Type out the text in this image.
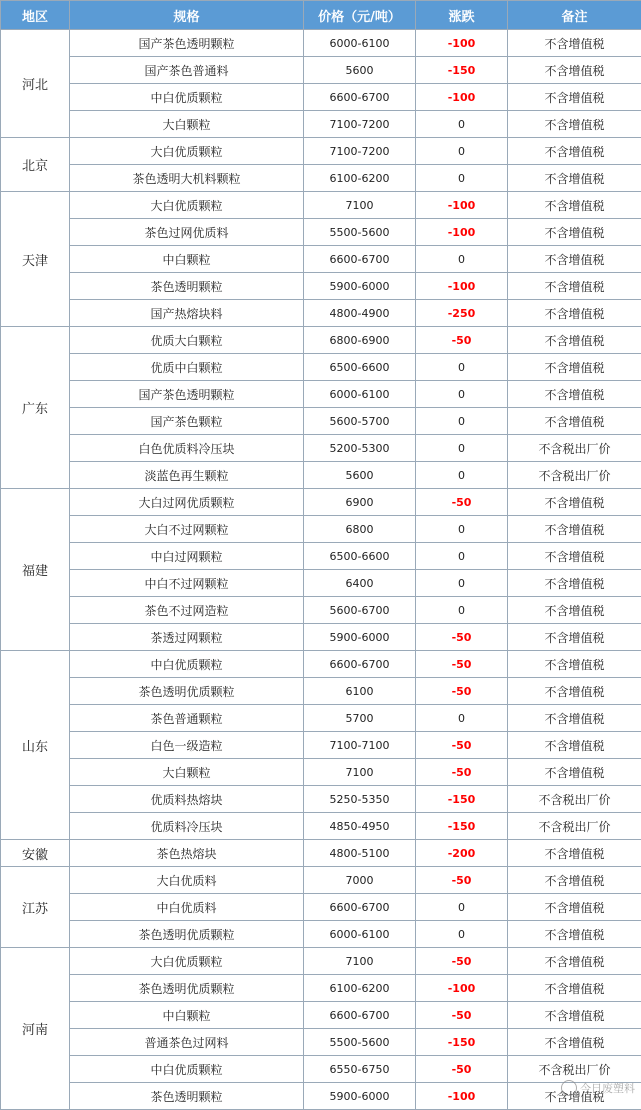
地区	规格	价格（元/吨）	涨跌	备注
河北	国产茶色透明颗粒	6000-6100	-100	不含增值税
	国产茶色普通料	5600	-150	不含增值税
	中白优质颗粒	6600-6700	-100	不含增值税
	大白颗粒	7100-7200	0	不含增值税
北京	大白优质颗粒	7100-7200	0	不含增值税
	茶色透明大机料颗粒	6100-6200	0	不含增值税
天津	大白优质颗粒	7100	-100	不含增值税
	茶色过网优质料	5500-5600	-100	不含增值税
	中白颗粒	6600-6700	0	不含增值税
	茶色透明颗粒	5900-6000	-100	不含增值税
	国产热熔块料	4800-4900	-250	不含增值税
广东	优质大白颗粒	6800-6900	-50	不含增值税
	优质中白颗粒	6500-6600	0	不含增值税
	国产茶色透明颗粒	6000-6100	0	不含增值税
	国产茶色颗粒	5600-5700	0	不含增值税
	白色优质料冷压块	5200-5300	0	不含税出厂价
	淡蓝色再生颗粒	5600	0	不含税出厂价
福建	大白过网优质颗粒	6900	-50	不含增值税
	大白不过网颗粒	6800	0	不含增值税
	中白过网颗粒	6500-6600	0	不含增值税
	中白不过网颗粒	6400	0	不含增值税
	茶色不过网造粒	5600-6700	0	不含增值税
	茶透过网颗粒	5900-6000	-50	不含增值税
山东	中白优质颗粒	6600-6700	-50	不含增值税
	茶色透明优质颗粒	6100	-50	不含增值税
	茶色普通颗粒	5700	0	不含增值税
	白色一级造粒	7100-7100	-50	不含增值税
	大白颗粒	7100	-50	不含增值税
	优质料热熔块	5250-5350	-150	不含税出厂价
	优质料冷压块	4850-4950	-150	不含税出厂价
安徽	茶色热熔块	4800-5100	-200	不含增值税
江苏	大白优质料	7000	-50	不含增值税
	中白优质料	6600-6700	0	不含增值税
	茶色透明优质颗粒	6000-6100	0	不含增值税
河南	大白优质颗粒	7100	-50	不含增值税
	茶色透明优质颗粒	6100-6200	-100	不含增值税
	中白颗粒	6600-6700	-50	不含增值税
	普通茶色过网料	5500-5600	-150	不含增值税
	中白优质颗粒	6550-6750	-50	不含税出厂价
	茶色透明颗粒	5900-6000	-100	不含增值税
今日废塑料
